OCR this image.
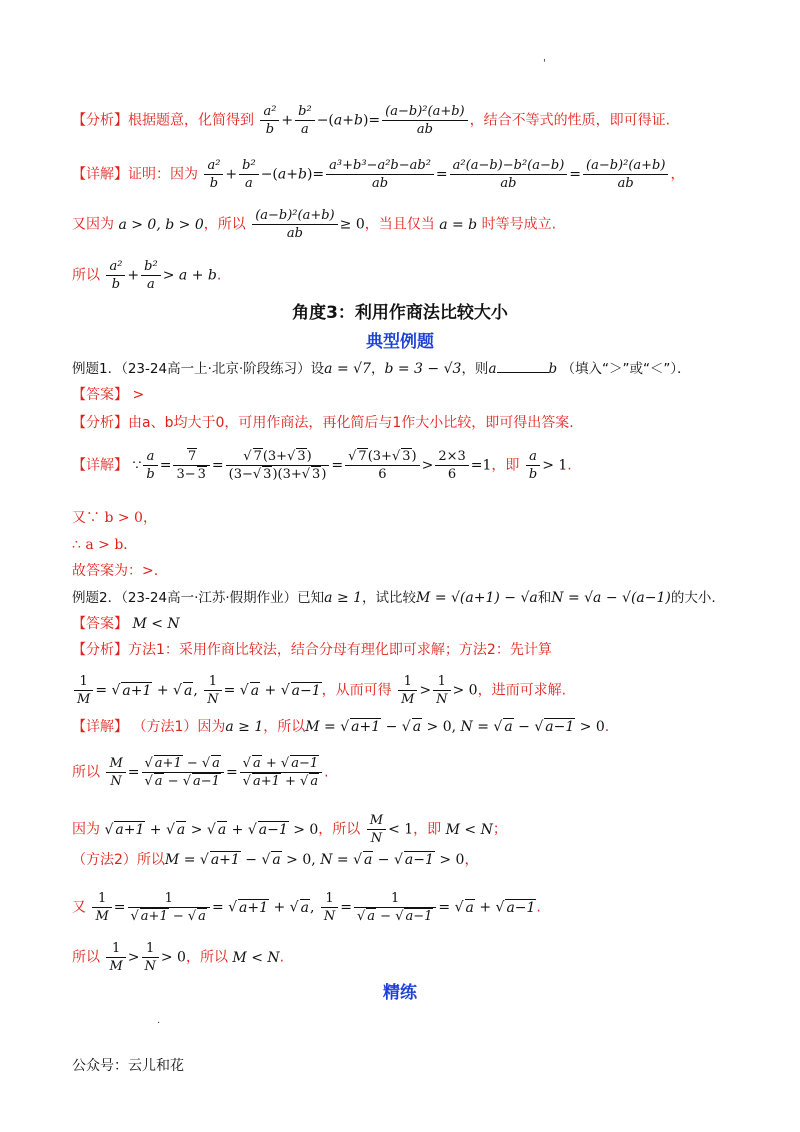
'
【分析】根据题意，化简得到 $\frac{\text{a²}}{b} + \frac{\text{b²}}{a} -(a+b)= \frac{\text{(a−b)²(a+b)}}{ab}$ ，结合不等式的性质，即可得证.
【详解】证明：因为 $\frac{\text{a²}}{b} + \frac{\text{b²}}{a} -(a+b)= \frac{\text{a³+b³−a²b−ab²}}{ab} = \frac{\text{a²(a−b)−b²(a−b)}}{ab} = \frac{\text{(a−b)²(a+b)}}{ab}$ ，
又因为 a > 0, b > 0，所以 $\frac{\text{(a−b)²(a+b)}}{ab} \ge 0$，当且仅当 a = b 时等号成立.
所以 $\frac{\text{a²}}{b} + \frac{\text{b²}}{a} > a + b$.
角度3：利用作商法比较大小
典型例题
例题1．（23-24高一上·北京·阶段练习）设a = √7，b = 3 − √3，则a	b （填入“＞”或“＜”）．
【答案】 >
【分析】由a、b均大于0，可用作商法，再化简后与1作大小比较，即可得出答案.
【详解】 ∵ $\frac{a}{b} = \frac{7}{3- 3} = \frac{√ 7(3+√ 3)}{(3-√ 3)(3+√ 3)} = \frac{√ 7(3+√ 3)}{6} > \frac{2\times 3}{6} =1$，即 $\frac{a}{b} > 1$.
又∵ b > 0，
∴ a > b．
故答案为：>.
例题2．（23-24高一·江苏·假期作业）已知a ≥ 1，试比较M = √(a+1) − √a和N = √a − √(a−1)的大小.
【答案】 M < N
【分析】方法1：采用作商比较法，结合分母有理化即可求解；方法2：先计算
$\frac{1}{M}$ = √ a+1 + √ a, $\frac{1}{N}$ = √ a + √ a−1，从而可得 $\frac{1}{M} > \frac{1}{N} > 0$，进而可求解.
【详解】 （方法1）因为a ≥ 1，所以M = √ a+1 − √ a > 0, N = √ a − √ a−1 > 0.
所以 $\frac{M}{N} = \frac{√ a+1 - √ a}{√ a - √ a-1} = \frac{√ a + √ a-1}{√ a+1 + √ a}$ .
因为 √ a+1 + √ a > √ a + √ a−1 > 0，所以 $\frac{M}{N} < 1$，即 M < N；
（方法2）所以M = √ a+1 − √ a > 0, N = √ a − √ a−1 > 0，
又 $\frac{1}{M} = \frac{1}{√ a+1 - √ a}$ = √ a+1 + √ a, $\frac{1}{N} = \frac{1}{√ a - √ a-1}$ = √ a + √ a−1.
所以 $\frac{1}{M} > \frac{1}{N} > 0$，所以 M < N.
精练
.
公众号：云儿和花
